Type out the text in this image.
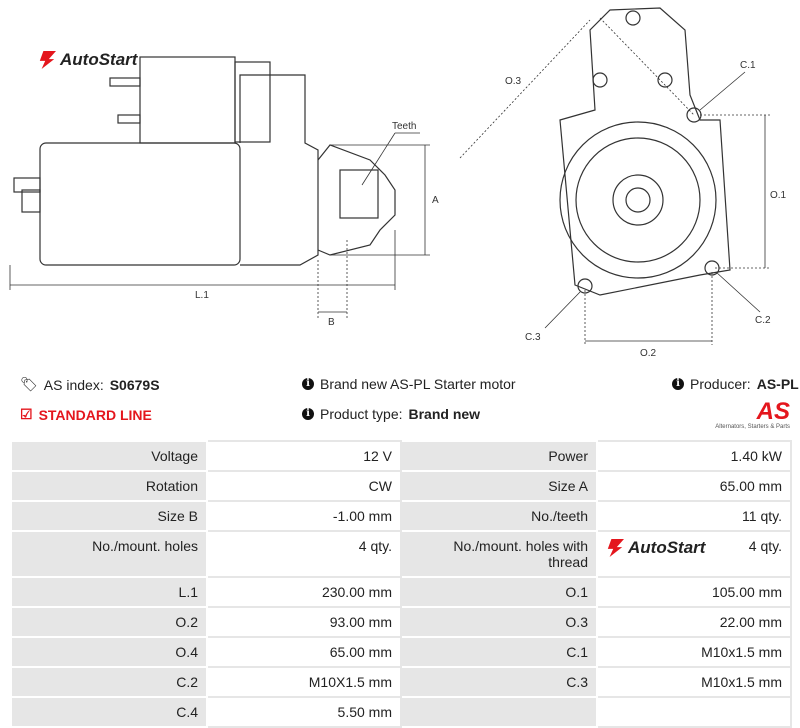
AutoStart
Teeth
A
B
L.1
O.3
C.1
O.1
C.2
C.3
O.2
🏷 AS index: S0679S
☑ STANDARD LINE
i Brand new AS-PL Starter motor
i Product type: Brand new
i Producer: AS-PL
AS
Alternators, Starters & Parts
Voltage	12 V	Power	1.40 kW
Rotation	CW	Size A	65.00 mm
Size B	-1.00 mm	No./teeth	11 qty.
No./mount. holes	4 qty.	No./mount. holes with thread	4 qty.
L.1	230.00 mm	O.1	105.00 mm
O.2	93.00 mm	O.3	22.00 mm
O.4	65.00 mm	C.1	M10x1.5 mm
C.2	M10X1.5 mm	C.3	M10x1.5 mm
C.4	5.50 mm		
AutoStart
